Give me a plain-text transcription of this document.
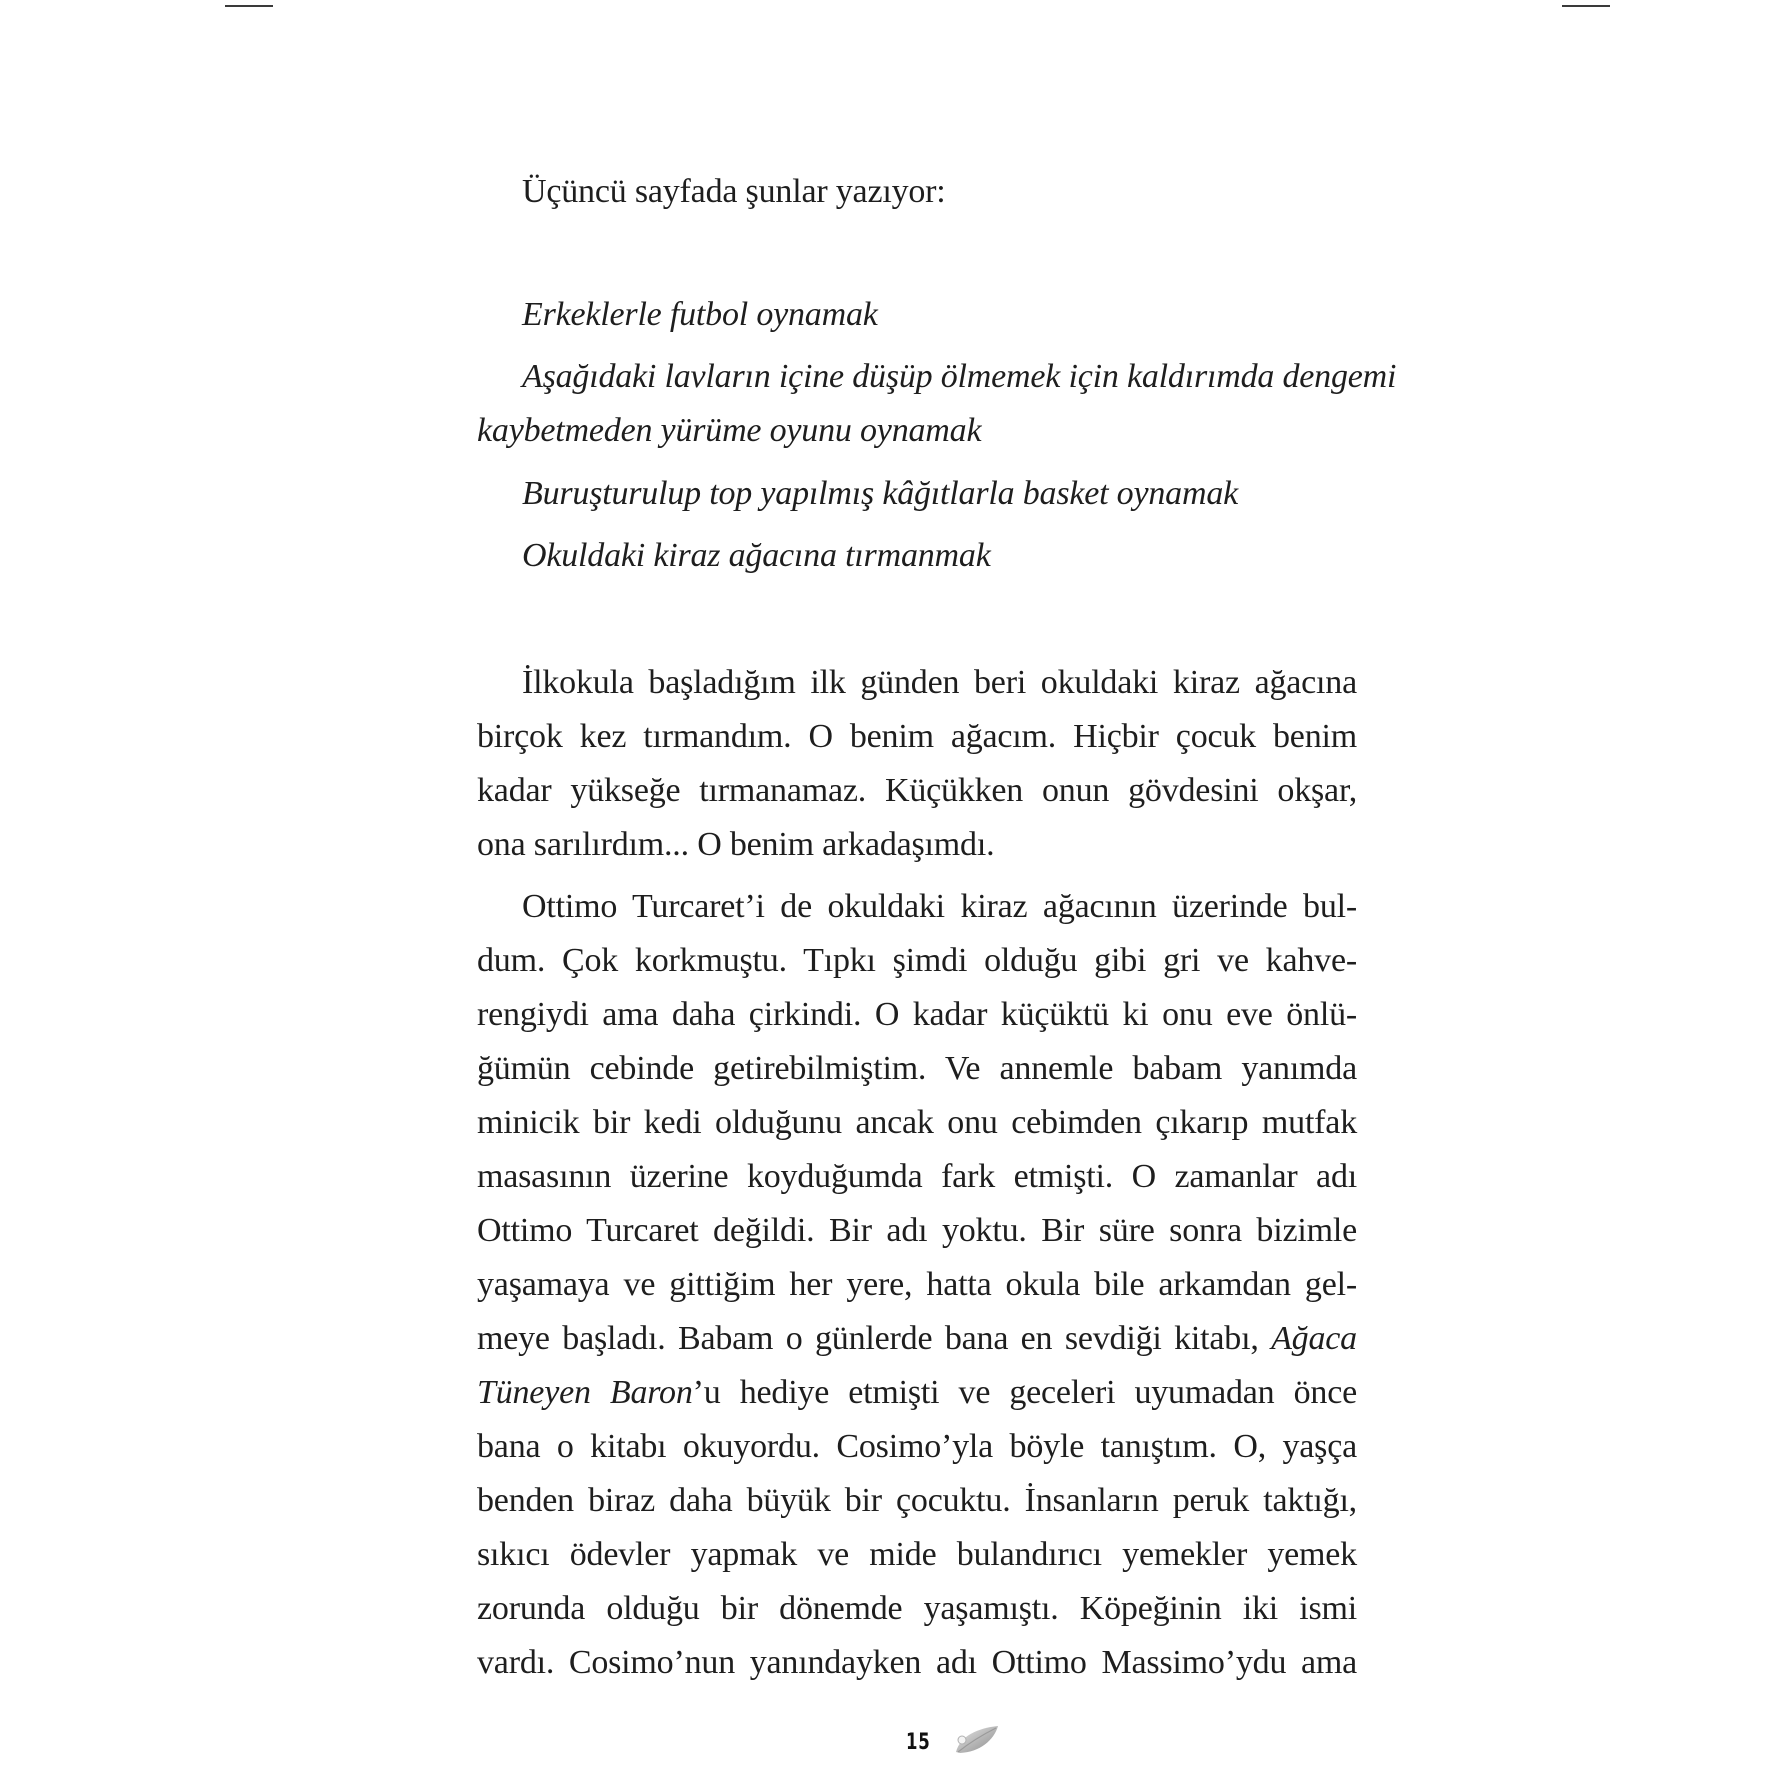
Üçüncü sayfada şunlar yazıyor:
Erkeklerle futbol oynamak
Aşağıdaki lavların içine düşüp ölmemek için kaldırımda dengemi
kaybetmeden yürüme oyunu oynamak
Buruşturulup top yapılmış kâğıtlarla basket oynamak
Okuldaki kiraz ağacına tırmanmak
İlkokula başladığım ilk günden beri okuldaki kiraz ağacına
birçok kez tırmandım. O benim ağacım. Hiçbir çocuk benim
kadar yükseğe tırmanamaz. Küçükken onun gövdesini okşar,
ona sarılırdım... O benim arkadaşımdı.
Ottimo Turcaret’i de okuldaki kiraz ağacının üzerinde bul-
dum. Çok korkmuştu. Tıpkı şimdi olduğu gibi gri ve kahve-
rengiydi ama daha çirkindi. O kadar küçüktü ki onu eve önlü-
ğümün cebinde getirebilmiştim. Ve annemle babam yanımda
minicik bir kedi olduğunu ancak onu cebimden çıkarıp mutfak
masasının üzerine koyduğumda fark etmişti. O zamanlar adı
Ottimo Turcaret değildi. Bir adı yoktu. Bir süre sonra bizimle
yaşamaya ve gittiğim her yere, hatta okula bile arkamdan gel-
meye başladı. Babam o günlerde bana en sevdiği kitabı, Ağaca
Tüneyen Baron’u hediye etmişti ve geceleri uyumadan önce
bana o kitabı okuyordu. Cosimo’yla böyle tanıştım. O, yaşça
benden biraz daha büyük bir çocuktu. İnsanların peruk taktığı,
sıkıcı ödevler yapmak ve mide bulandırıcı yemekler yemek
zorunda olduğu bir dönemde yaşamıştı. Köpeğinin iki ismi
vardı. Cosimo’nun yanındayken adı Ottimo Massimo’ydu ama
15
